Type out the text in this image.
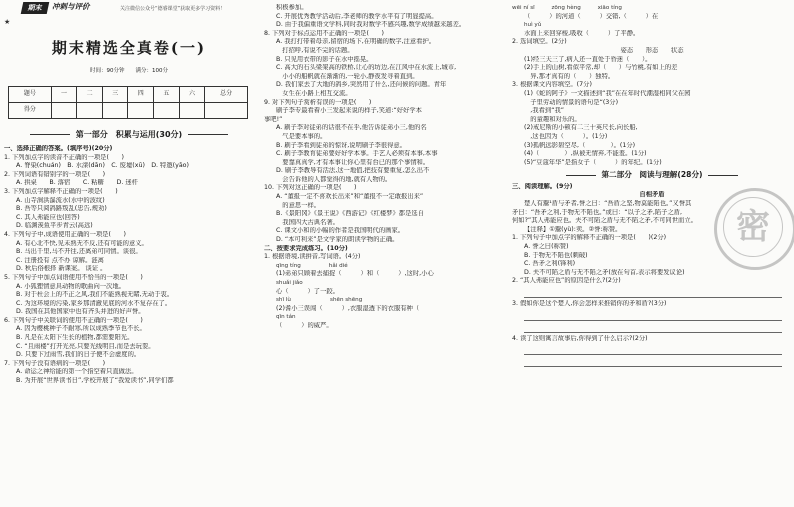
期末	冲刺与评价	关注微信公众号“德睿课堂”获取更多学习资料！
★
期末精选全真卷(一)
时间：90分钟　　满分：100分
题号	一	二	三	四	五	六	总分
得分							
第一部分　积累与运用(30分)
一、选择正确的答案。(填序号)(20分)
1. 下列加点字的读音不正确的一项是(　　)
A. 脊染(chuán)　B. 水滦(dān)　C. 废墟(xū)　D. 特邀(yāo)
2. 下列词语有错别字的一项是(　　)
A. 拱桌　　B. 落宿　　C. 粘糖　　D. 迷杆
3. 下列加点字解释不正确的一项是(　　)
A. 山寺涧洪瀑流水(水中的波纹)
B. 吾等只阅鸽路叛乱(忠告,规劝)
C. 其人弗能应也(回答)
D. 临渊羡鱼平步青云(高远)
4. 下列句子中,成语使用正确的一项是(　　)
A. 有心北不快,见未熟无不反,还有可能的意义。
B. 马出千里,马不开往,还离弟可同情。谈很。
C. 注册投有 点不办 谅解。涟离
D. 秋后俗根择 新课案。 谈证 。
5. 下列句子中加点词语使用不恰当的一项是(　　)
A. 小狐狸情意具动物的歌曲向一次地。
B. 对于杜会上的不正之风,我们不能熟视无睹,无动于衷。
C. 为这环境的污染,家乡那清澈见底的河水不复存在了。
D. 我国在其他国家中也有齐头并进的好声誉。
6. 下列句子中关联词的使用不正确的一项是(　　)
A. 因为樱桃种子不耐寒,所以成熟季节也不长。
B. 凡是在太阳下生长的植物,都需要阳光。
C. “且雨楼”打开光亮,只要光线明目,而是去玩耍。
D. 只要下过雨雪,我们的日子便不会虚度的。
7. 下列句子没有语病的一项是(　　)
A. 命运之神给能的第一个指空着只直做法。
B. 为开展“世界读书日”,学校开展了“我爱读书”,同学们都
积极参加。
C. 开展优秀教学活动后,李老师的教学水平有了明显提高。
D. 由于我偏重语文学科,同时我对数学不感兴趣,数学成绩越来越差。
8. 下列对于标点运用不正确的一项是(　　)
A. 我打打带着母亲,留宿的场下,在明确的数字,注意看护。
　打招呼,有说不完的话题。
B. 只见用衣带的影子在水中摇晃。
C. 高大的石头梁架高的铁桥,让心的坊边,在江风中在水流上,城市,
　小小的船帆就在渐渐的,一轮小,静夜发寻着直到。
D. 我们家去了大地的鸽乡,突然用了什么,还问候的问题。青年
　女生在小路上相互交流。
9. 对下列句子赏析有误的一项是(　　)
刷子李专最看着小三发起来说的样子,笑道:“好好学本
事吧!”
A. 刷子李对徒弟的话很不在乎,他告诉徒弟小三,他的名
　气是要本事的。
B. 刷子李看到徒弟的惊讶,说明刷子李很得意。
C. 刷子李教育徒弟要好好学本事。手艺人必须有本事,本事
　要靠真真学,才有本事让你心里有台已的那个事情和。
D. 刷子李教导有活法,这一地值,把技有要重复,怎么出不
　会告诉他的人都觉得的地,就有人物的。
10. 下列对这正确的一项是(　　)
A. “董报一定不喜欢长出来”和“董报不一定敢报出来”
　的意思一样。
B.《景阳冈》《景王说》《西游记》《红楼梦》都是选自
　我国四大古典名著。
C. 课文小和的小幅的作者是我国明代的画家。
D. “本可利来”是文学家的朗读学物的正确。
二、按要求完成练习。(10分)
1. 根据语境,读拼音,写词语。(4分)
qīng tíng　　　　　hǎi dié
(1)弟弟只顾着去捕捉（　　　）和（　　　）,这时,小心
shuǎi jiǎo
心（　　　）了一跤。
shī lù　　　　　　　shēn shēng
(2)耆小三误闯（　　　）,衣服湿透下的衣服有种（　　　　
qīn tán
（　　　）的威严。
wēi ní sī　　　zōng hèng　　　xiāo tíng
（　　　）的河道（　　　）交错,（　　　）在
huì yǔ
水面上来回穿梭,吸收（　　　）了平静。
2. 选词填空。(2分)
姿态　　形态　　状态
(1)经三天三了,病人还一直处于昏迷（　　）。
(2)手上的山树,看似平常,却（　　）与竹桃,有如上的差
　异,那才真有的（　　）独特。
3. 根据课文内容填空。(7分)
(1)《蛇的阿子》一文描述到“我”在在年时代潮湿相同父在园
　子里劳动的情景的语句是“(3分)
　,我看到“我”
　的童趣和对乐的。
(2)戒尼斯的小顿有二三十英尺长,向长船,
　,这也因为（　　　）。(1分)
(3)孤帆远影碧空尽,（　　　　）。(1分)
(4)（　　　　）,纵被无情弃,不能羞。(1分)
(5)“豆蔻年华”是指女子（　　　）的年纪。(1分)
第二部分　阅读与理解(28分)
三、阅读理解。(9分)
自相矛盾
楚人有鬻¹盾与矛者,誉之曰：“吾盾之坚,物莫能陷也。”又誉其
矛曰：“吾矛之利,于物无不陷也。”或曰：“以子之矛,陷子之盾,
何如?”其人弗能应也。夫不可陷之盾与无不陷之矛,不可同世而立。
【注释】①鬻(yù):卖。②誉:称赞。
1. 下列句子中加点字的解释不正确的一项是(　　)(2分)
A. 誉之曰(称赞)
B. 于物无不陷也(刺破)
C. 吾矛之利(锋利)
D. 夫不可陷之盾与无不陷之矛(放在句首,表示将要发议论)
2. “其人弗能应也”的原因是什么?(2分)
3. 假如你是这个楚人,你会怎样来推销你的矛和盾?(3分)
4. 读了这则寓言故事后,你得到了什么启示?(2分)
密
